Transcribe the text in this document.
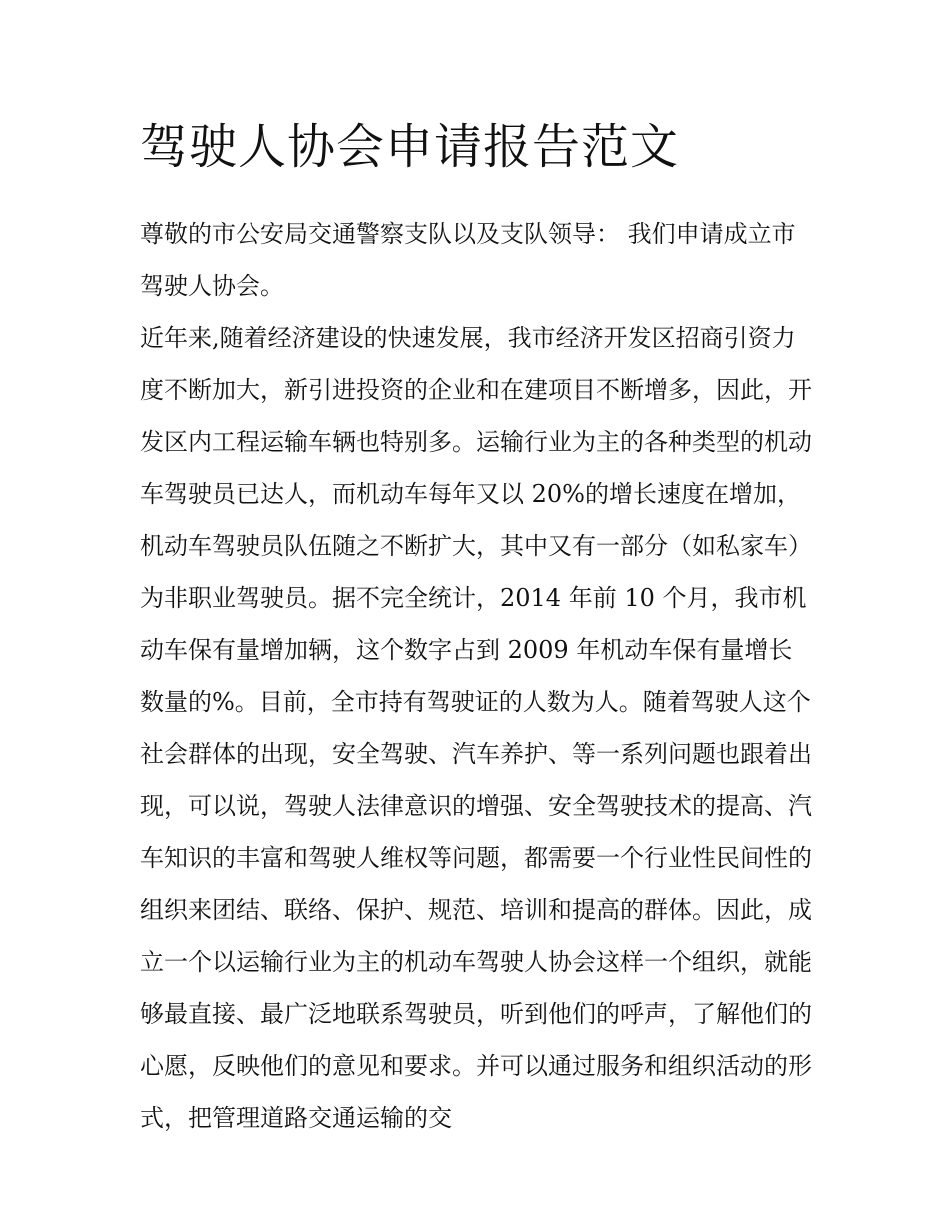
驾驶人协会申请报告范文

尊敬的市公安局交通警察支队以及支队领导： 我们申请成立市驾驶人协会。

近年来,随着经济建设的快速发展，我市经济开发区招商引资力度不断加大，新引进投资的企业和在建项目不断增多，因此，开发区内工程运输车辆也特别多。运输行业为主的各种类型的机动车驾驶员已达人，而机动车每年又以 20%的增长速度在增加，机动车驾驶员队伍随之不断扩大，其中又有一部分（如私家车）为非职业驾驶员。据不完全统计，2014 年前 10 个月，我市机动车保有量增加辆，这个数字占到 2009 年机动车保有量增长数量的%。目前，全市持有驾驶证的人数为人。随着驾驶人这个社会群体的出现，安全驾驶、汽车养护、等一系列问题也跟着出现，可以说，驾驶人法律意识的增强、安全驾驶技术的提高、汽车知识的丰富和驾驶人维权等问题，都需要一个行业性民间性的组织来团结、联络、保护、规范、培训和提高的群体。因此，成立一个以运输行业为主的机动车驾驶人协会这样一个组织，就能够最直接、最广泛地联系驾驶员，听到他们的呼声，了解他们的心愿，反映他们的意见和要求。并可以通过服务和组织活动的形式，把管理道路交通运输的交
